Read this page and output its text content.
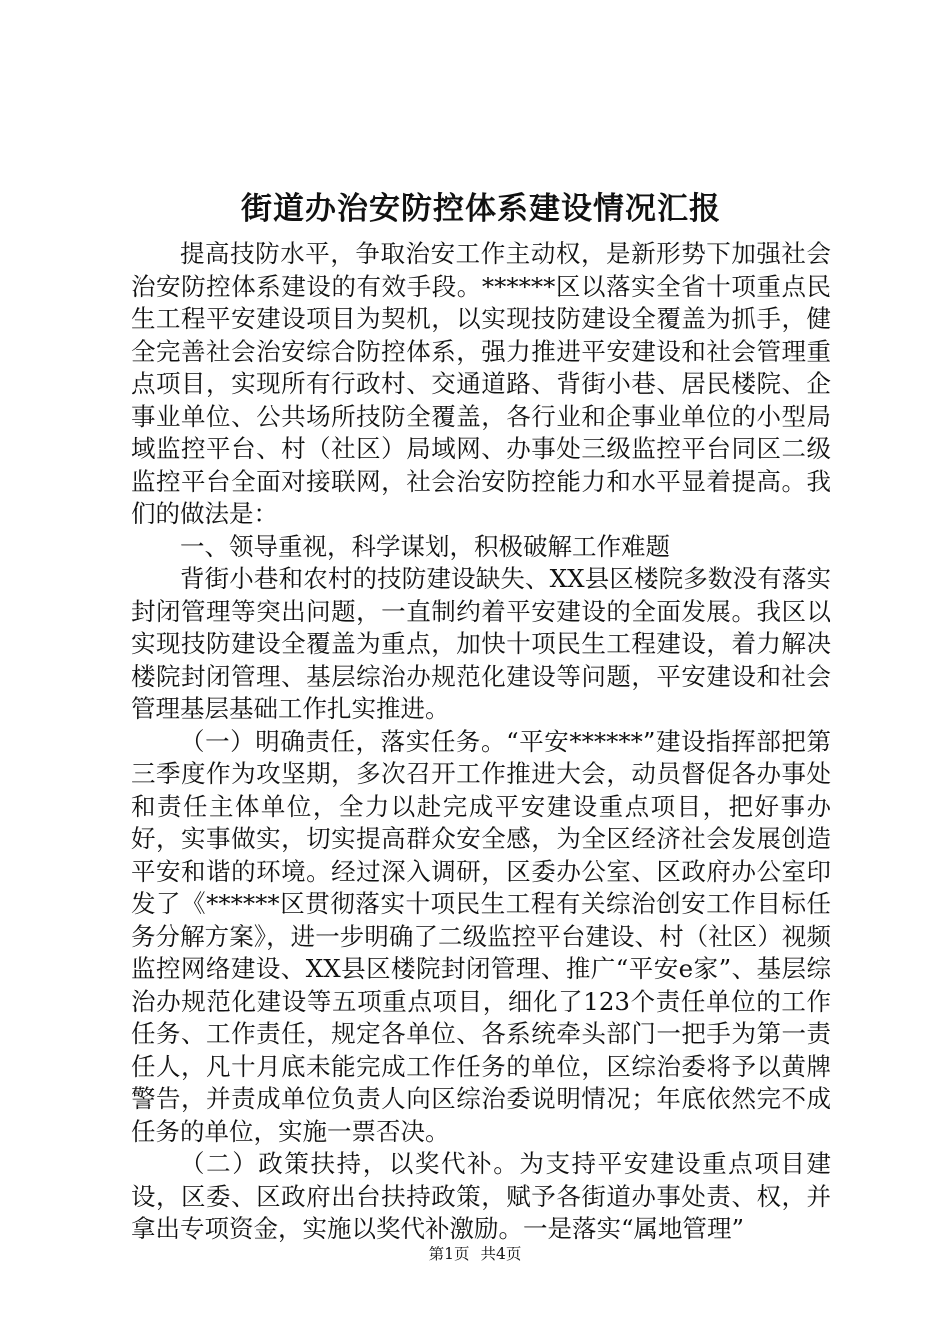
街道办治安防控体系建设情况汇报

提高技防水平，争取治安工作主动权，是新形势下加强社会治安防控体系建设的有效手段。******区以落实全省十项重点民生工程平安建设项目为契机，以实现技防建设全覆盖为抓手，健全完善社会治安综合防控体系，强力推进平安建设和社会管理重点项目，实现所有行政村、交通道路、背街小巷、居民楼院、企事业单位、公共场所技防全覆盖，各行业和企事业单位的小型局域监控平台、村（社区）局域网、办事处三级监控平台同区二级监控平台全面对接联网，社会治安防控能力和水平显着提高。我们的做法是：

一、领导重视，科学谋划，积极破解工作难题

背街小巷和农村的技防建设缺失、XX县区楼院多数没有落实封闭管理等突出问题，一直制约着平安建设的全面发展。我区以实现技防建设全覆盖为重点，加快十项民生工程建设，着力解决楼院封闭管理、基层综治办规范化建设等问题，平安建设和社会管理基层基础工作扎实推进。

（一）明确责任，落实任务。“平安******”建设指挥部把第三季度作为攻坚期，多次召开工作推进大会，动员督促各办事处和责任主体单位，全力以赴完成平安建设重点项目，把好事办好，实事做实，切实提高群众安全感，为全区经济社会发展创造平安和谐的环境。经过深入调研，区委办公室、区政府办公室印发了《******区贯彻落实十项民生工程有关综治创安工作目标任务分解方案》，进一步明确了二级监控平台建设、村（社区）视频监控网络建设、XX县区楼院封闭管理、推广“平安e家”、基层综治办规范化建设等五项重点项目，细化了123个责任单位的工作任务、工作责任，规定各单位、各系统牵头部门一把手为第一责任人，凡十月底未能完成工作任务的单位，区综治委将予以黄牌警告，并责成单位负责人向区综治委说明情况；年底依然完不成任务的单位，实施一票否决。

（二）政策扶持，以奖代补。为支持平安建设重点项目建设，区委、区政府出台扶持政策，赋予各街道办事处责、权，并拿出专项资金，实施以奖代补激励。一是落实“属地管理”

第1页 共4页
